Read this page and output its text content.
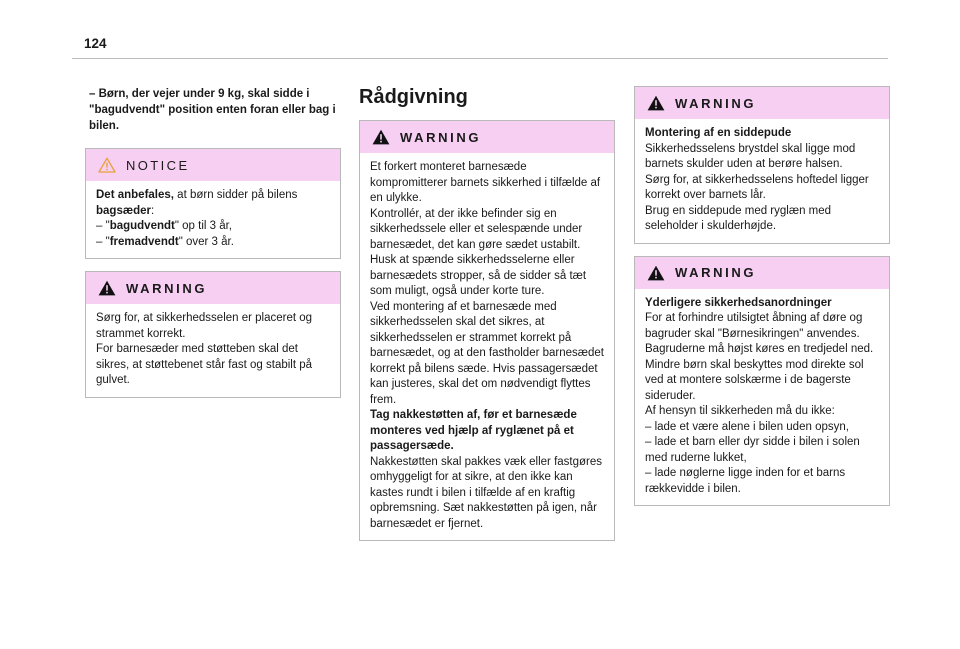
124

– Børn, der vejer under 9 kg, skal sidde i "bagudvendt" position enten foran eller bag i bilen.

NOTICE

Det anbefales, at børn sidder på bilens

bagsæder:

– "bagudvendt" op til 3 år,

– "fremadvendt" over 3 år.

WARNING

Sørg for, at sikkerhedsselen er placeret og strammet korrekt.

For barnesæder med støtteben skal det sikres, at støttebenet står fast og stabilt på gulvet.

Rådgivning
WARNING

Et forkert monteret barnesæde kompromitterer barnets sikkerhed i tilfælde af en ulykke.

Kontrollér, at der ikke befinder sig en sikkerhedssele eller et selespænde under barnesædet, det kan gøre sædet ustabilt.

Husk at spænde sikkerhedsselerne eller barnesædets stropper, så de sidder så tæt som muligt, også under korte ture.

Ved montering af et barnesæde med sikkerhedsselen skal det sikres, at sikkerhedsselen er strammet korrekt på barnesædet, og at den fastholder barnesædet korrekt på bilens sæde. Hvis passagersædet kan justeres, skal det om nødvendigt flyttes frem.

Tag nakkestøtten af, før et barnesæde monteres ved hjælp af ryglænet på et passagersæde.

Nakkestøtten skal pakkes væk eller fastgøres omhyggeligt for at sikre, at den ikke kan kastes rundt i bilen i tilfælde af en kraftig opbremsning. Sæt nakkestøtten på igen, når barnesædet er fjernet.

WARNING

Montering af en siddepude

Sikkerhedsselens brystdel skal ligge mod barnets skulder uden at berøre halsen.

Sørg for, at sikkerhedsselens hoftedel ligger korrekt over barnets lår.

Brug en siddepude med ryglæn med seleholder i skulderhøjde.

WARNING

Yderligere sikkerhedsanordninger

For at forhindre utilsigtet åbning af døre og bagruder skal "Børnesikringen" anvendes.

Bagruderne må højst køres en tredjedel ned.

Mindre børn skal beskyttes mod direkte sol ved at montere solskærme i de bagerste sideruder.

Af hensyn til sikkerheden må du ikke:

– lade et være alene i bilen uden opsyn,

– lade et barn eller dyr sidde i bilen i solen med ruderne lukket,

– lade nøglerne ligge inden for et barns rækkevidde i bilen.
